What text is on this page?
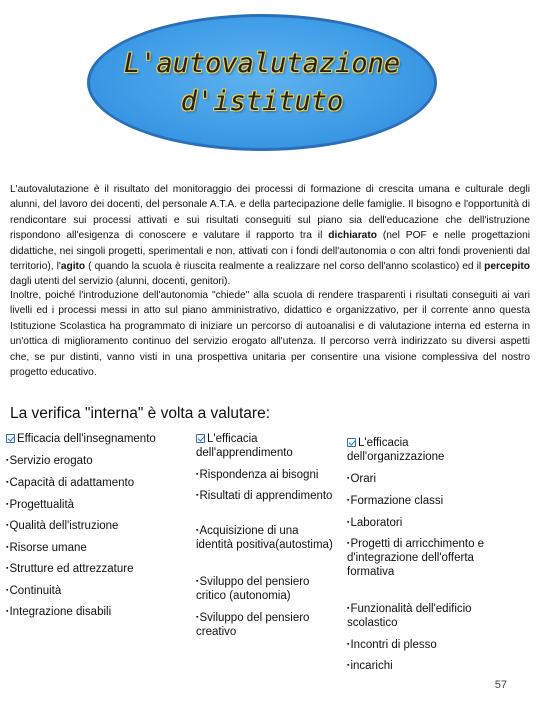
L'autovalutazione
d'istituto

L'autovalutazione è il risultato del monitoraggio dei processi di formazione di crescita umana e culturale degli alunni, del lavoro dei docenti, del personale A.T.A. e della partecipazione delle famiglie. Il bisogno e l'opportunità di rendicontare sui processi attivati e sui risultati conseguiti sul piano sia dell'educazione che dell'istruzione rispondono all'esigenza di conoscere e valutare il rapporto tra il dichiarato (nel POF e nelle progettazioni didattiche, nei singoli progetti, sperimentali e non, attivati con i fondi dell'autonomia o con altri fondi provenienti dal territorio), l'agito ( quando la scuola è riuscita realmente a realizzare nel corso dell'anno scolastico) ed il percepito dagli utenti del servizio (alunni, docenti, genitori).

Inoltre, poiché l'introduzione dell'autonomia "chiede" alla scuola di rendere trasparenti i risultati conseguiti ai vari livelli ed i processi messi in atto sul piano amministrativo, didattico e organizzativo, per il corrente anno questa Istituzione Scolastica ha programmato di iniziare un percorso di autoanalisi e di valutazione interna ed esterna in un'ottica di miglioramento continuo del servizio erogato all'utenza. Il percorso verrà indirizzato su diversi aspetti che, se pur distinti, vanno visti in una prospettiva unitaria per consentire una visione complessiva del nostro progetto educativo.

La verifica "interna" è volta a valutare:
Efficacia dell'insegnamento
▪Servizio erogato
▪Capacità di adattamento
▪Progettualità
▪Qualità dell'istruzione
▪Risorse umane
▪Strutture ed attrezzature
▪Continuità
▪Integrazione disabili
L'efficacia dell'apprendimento
▪Rispondenza ai bisogni
▪Risultati di apprendimento
▪Acquisizione di una identità positiva(autostima)
▪Sviluppo del pensiero critico (autonomia)
▪Sviluppo del pensiero creativo
L'efficacia dell'organizzazione
▪Orari
▪Formazione classi
▪Laboratori
▪Progetti di arricchimento e d'integrazione dell'offerta formativa
▪Funzionalità dell'edificio scolastico
▪Incontri di plesso
▪incarichi
57
